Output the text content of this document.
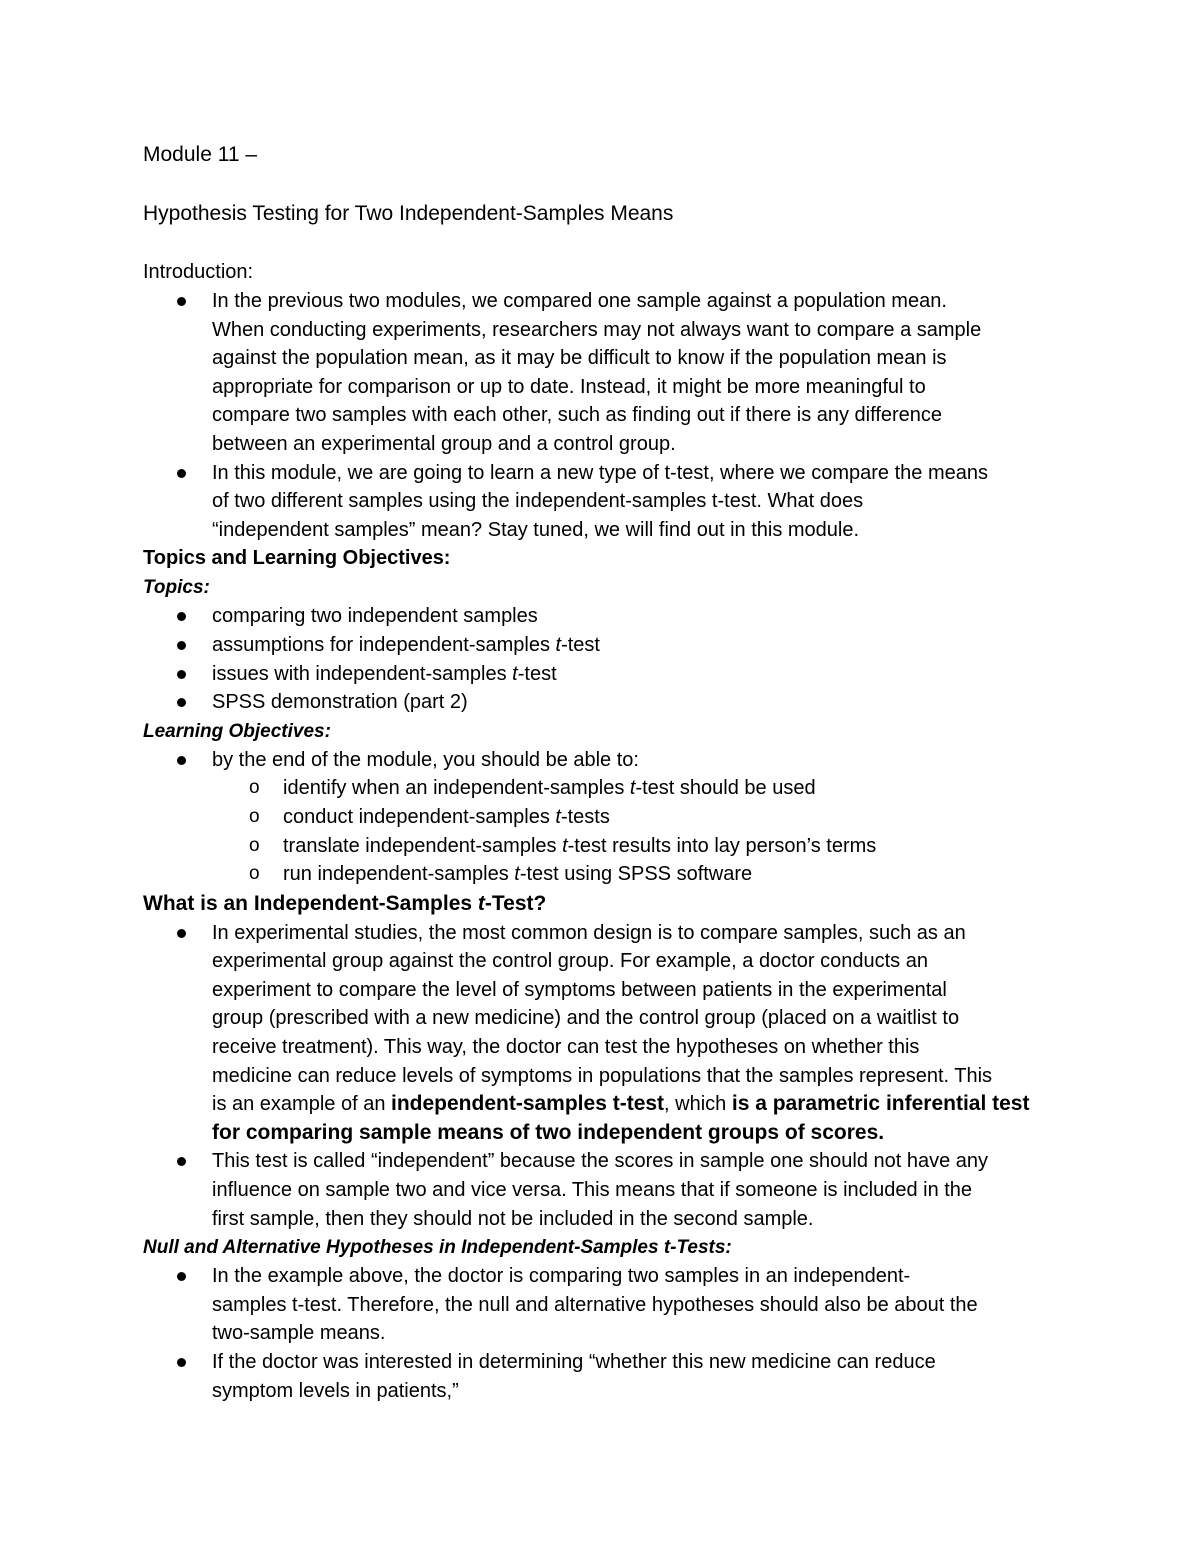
Module 11 –
Hypothesis Testing for Two Independent-Samples Means
Introduction:
In the previous two modules, we compared one sample against a population mean.
When conducting experiments, researchers may not always want to compare a sample
against the population mean, as it may be difficult to know if the population mean is
appropriate for comparison or up to date. Instead, it might be more meaningful to
compare two samples with each other, such as finding out if there is any difference
between an experimental group and a control group.
In this module, we are going to learn a new type of t-test, where we compare the means
of two different samples using the independent-samples t-test. What does
“independent samples” mean? Stay tuned, we will find out in this module.
Topics and Learning Objectives:
Topics:
comparing two independent samples
assumptions for independent-samples t-test
issues with independent-samples t-test
SPSS demonstration (part 2)
Learning Objectives:
by the end of the module, you should be able to:
o identify when an independent-samples t-test should be used
o conduct independent-samples t-tests
o translate independent-samples t-test results into lay person’s terms
o run independent-samples t-test using SPSS software
What is an Independent-Samples t-Test?
In experimental studies, the most common design is to compare samples, such as an
experimental group against the control group. For example, a doctor conducts an
experiment to compare the level of symptoms between patients in the experimental
group (prescribed with a new medicine) and the control group (placed on a waitlist to
receive treatment). This way, the doctor can test the hypotheses on whether this
medicine can reduce levels of symptoms in populations that the samples represent. This
is an example of an independent-samples t-test, which is a parametric inferential test
for comparing sample means of two independent groups of scores.
This test is called “independent” because the scores in sample one should not have any
influence on sample two and vice versa. This means that if someone is included in the
first sample, then they should not be included in the second sample.
Null and Alternative Hypotheses in Independent-Samples t-Tests:
In the example above, the doctor is comparing two samples in an independent-
samples t-test. Therefore, the null and alternative hypotheses should also be about the
two-sample means.
If the doctor was interested in determining “whether this new medicine can reduce
symptom levels in patients,”
